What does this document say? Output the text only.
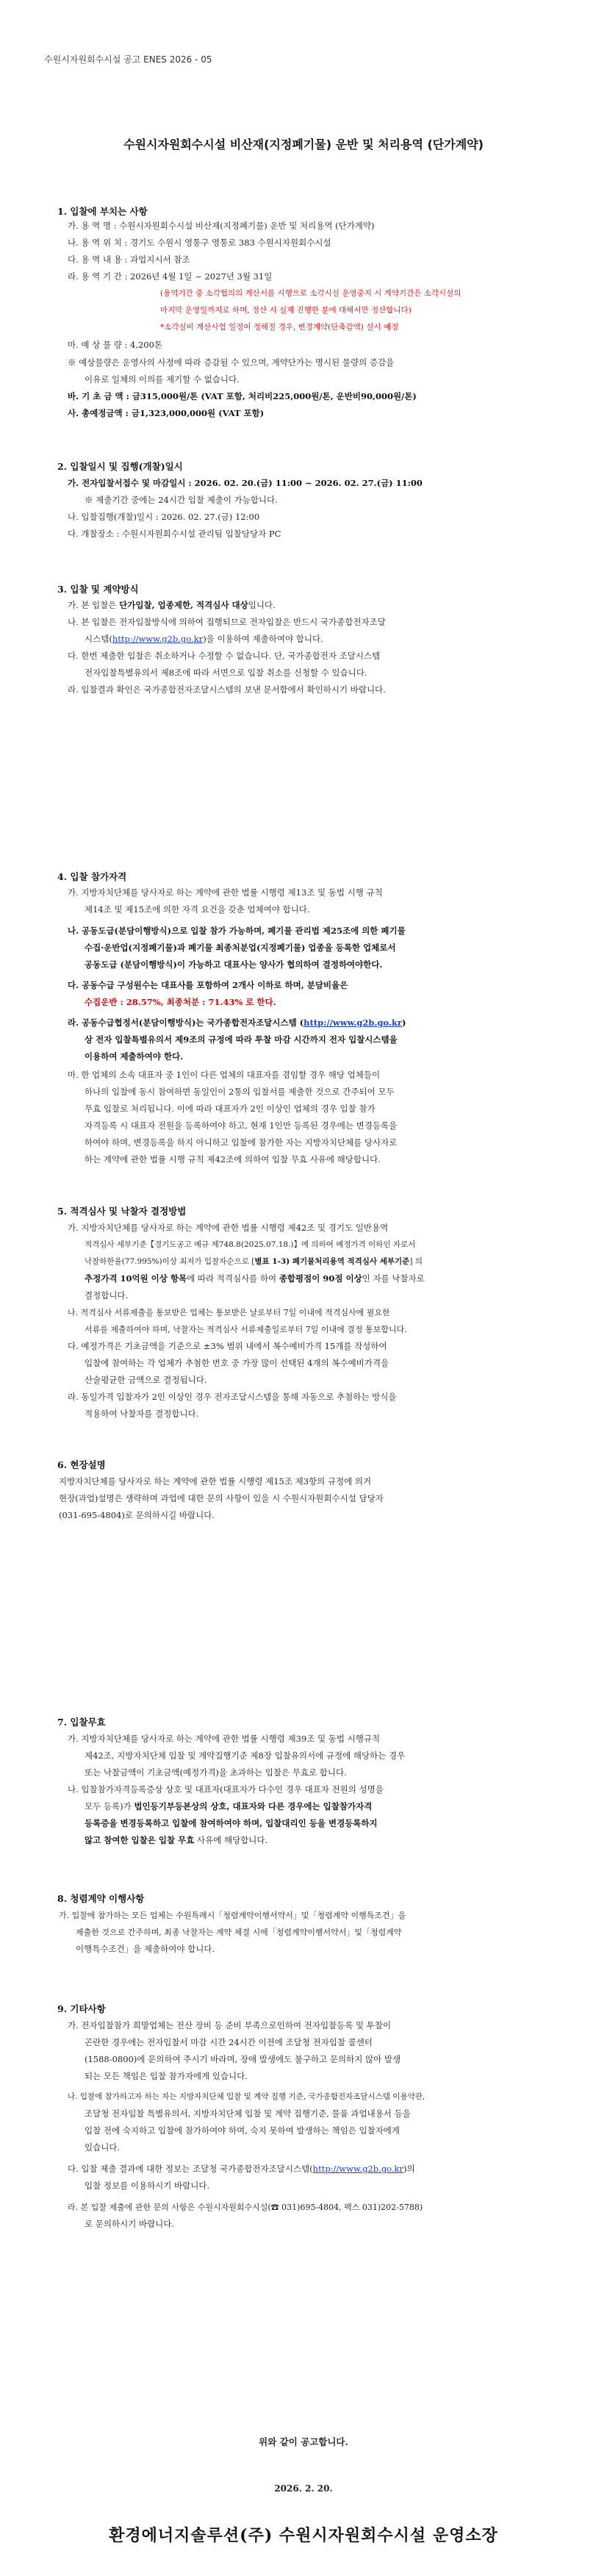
수원시자원회수시설 공고 ENES 2026 - 05
수원시자원회수시설 비산재(지정폐기물) 운반 및 처리용역 (단가계약)
1. 입찰에 부치는 사항
가. 용 역 명 : 수원시자원회수시설 비산재(지정폐기물) 운반 및 처리용역 (단가계약)
나. 용 역 위 치 : 경기도 수원시 영통구 영통로 383 수원시자원회수시설
다. 용 역 내 용 : 과업지시서 참조
라. 용 역 기 간 : 2026년 4월 1일 ~ 2027년 3월 31일
(용역기간 중 소각협의의 계산서를 시행으로 소각시설 운영중지 시 계약기간은 소각시설의
마지막 운영일까지로 하며, 정산 시 실제 진행한 분에 대해서만 정산합니다)
*소각설비 계산사업 일정이 정해질 경우, 변경계약(단축감액) 실시 예정
마. 예 상 물 량 : 4,200톤
※ 예상물량은 운영사의 사정에 따라 증감될 수 있으며, 계약단가는 명시된 물량의 증감을
이유로 일체의 이의를 제기할 수 없습니다.
바. 기 초 금 액 : 금315,000원/톤 (VAT 포함, 처리비225,000원/톤, 운반비90,000원/톤)
사. 총예정금액 : 금1,323,000,000원 (VAT 포함)
2. 입찰일시 및 집행(개찰)일시
가. 전자입찰서접수 및 마감일시 : 2026. 02. 20.(금) 11:00 ~ 2026. 02. 27.(금) 11:00
※ 제출기간 중에는 24시간 입찰 제출이 가능합니다.
나. 입찰집행(개찰)일시 : 2026. 02. 27.(금) 12:00
다. 개찰장소 : 수원시자원회수시설 관리팀 입찰담당자 PC
3. 입찰 및 계약방식
가. 본 입찰은 단가입찰, 업종제한, 적격심사 대상입니다.
나. 본 입찰은 전자입찰방식에 의하여 집행되므로 전자입찰은 반드시 국가종합전자조달
시스템(http://www.g2b.go.kr)을 이용하여 제출하여야 합니다.
다. 한번 제출한 입찰은 취소하거나 수정할 수 없습니다. 단, 국가종합전자 조달시스템
전자입찰특별유의서 제8조에 따라 서면으로 입찰 취소를 신청할 수 있습니다.
라. 입찰결과 확인은 국가종합전자조달시스템의 보낸 문서함에서 확인하시기 바랍니다.
4. 입찰 참가자격
가. 지방자치단체를 당사자로 하는 계약에 관한 법률 시행령 제13조 및 동법 시행 규칙
제14조 및 제15조에 의한 자격 요건을 갖춘 업체여야 합니다.
나. 공동도급(분담이행방식)으로 입찰 참가 가능하며, 폐기물 관리법 제25조에 의한 폐기물
수집·운반업(지정폐기물)과 폐기물 최종처분업(지정폐기물) 업종을 등록한 업체로서
공동도급 (분담이행방식)이 가능하고 대표사는 양사가 협의하여 결정하여야한다.
다. 공동수급 구성원수는 대표사를 포함하여 2개사 이하로 하며, 분담비율은
수집운반 : 28.57%, 최종처분 : 71.43% 로 한다.
라. 공동수급협정서(분담이행방식)는 국가종합전자조달시스템 (http://www.g2b.go.kr)
상 전자 입찰특별유의서 제9조의 규정에 따라 투찰 마감 시간까지 전자 입찰시스템을
이용하여 제출하여야 한다.
마. 한 업체의 소속 대표자 중 1인이 다른 업체의 대표자를 겸임할 경우 해당 업체들이
하나의 입찰에 동시 참여하면 동일인이 2통의 입찰서를 제출한 것으로 간주되어 모두
무효 입찰로 처리됩니다. 이에 따라 대표자가 2인 이상인 업체의 경우 입찰 참가
자격등록 시 대표자 전원을 등록하여야 하고, 현재 1인만 등록된 경우에는 변경등록을
하여야 하며, 변경등록을 하지 아니하고 입찰에 참가한 자는 지방자치단체를 당사자로
하는 계약에 관한 법률 시행 규칙 제42조에 의하여 입찰 무효 사유에 해당합니다.
5. 적격심사 및 낙찰자 결정방법
가. 지방자치단체를 당사자로 하는 계약에 관한 법률 시행령 제42조 및 경기도 일반용역
적격심사 세부기준【경기도공고 예규 제748.8(2025.07.18.)】에 의하여 예정가격 이하인 자로서
낙찰하한율(77.995%)이상 최저가 입찰자순으로 [별표 1-3) 폐기물처리용역 적격심사 세부기준] 의
추정가격 10억원 이상 항목에 따라 적격심사를 하여 종합평점이 90점 이상인 자를 낙찰자로
결정합니다.
나. 적격심사 서류제출을 통보받은 업체는 통보받은 날로부터 7일 이내에 적격심사에 필요한
서류를 제출하여야 하며, 낙찰자는 적격심사 서류제출일로부터 7일 이내에 결정 통보합니다.
다. 예정가격은 기초금액을 기준으로 ±3% 범위 내에서 복수예비가격 15개를 작성하여
입찰에 참여하는 각 업체가 추첨한 번호 중 가장 많이 선택된 4개의 복수예비가격을
산술평균한 금액으로 결정됩니다.
라. 동일가격 입찰자가 2인 이상인 경우 전자조달시스템을 통해 자동으로 추첨하는 방식을
적용하여 낙찰자를 결정합니다.
6. 현장설명
지방자치단체를 당사자로 하는 계약에 관한 법률 시행령 제15조 제3항의 규정에 의거
현장(과업)설명은 생략하며 과업에 대한 문의 사항이 있을 시 수원시자원회수시설 담당자
(031-695-4804)로 문의하시길 바랍니다.
7. 입찰무효
가. 지방자치단체를 당사자로 하는 계약에 관한 법률 시행령 제39조 및 동법 시행규칙
제42조, 지방자치단체 입찰 및 계약집행기준 제8장 입찰유의서에 규정에 해당하는 경우
또는 낙찰금액이 기초금액(예정가격)을 초과하는 입찰은 무효로 합니다.
나. 입찰참가자격등록증상 상호 및 대표자(대표자가 다수인 경우 대표자 전원의 성명을
모두 등록)가 법인등기부등본상의 상호, 대표자와 다른 경우에는 입찰참가자격
등록증을 변경등록하고 입찰에 참여하여야 하며, 입찰대리인 등을 변경등록하지
않고 참여한 입찰은 입찰 무효 사유에 해당합니다.
8. 청렴계약 이행사항
가. 입찰에 참가하는 모든 업체는 수원특례시「청렴계약이행서약서」및「청렴계약 이행특조건」을
제출한 것으로 간주하며, 최종 낙찰자는 계약 체결 시에「청렴계약이행서약서」및「청렴계약
이행특수조건」을 제출하여야 합니다.
9. 기타사항
가. 전자입찰참가 희망업체는 전산 장비 등 준비 부족으로인하여 전자입찰등록 및 투찰이
곤란한 경우에는 전자입찰서 마감 시간 24시간 이전에 조달청 전자입찰 콜센터
(1588-0800)에 문의하여 주시기 바라며, 장애 발생에도 불구하고 문의하지 않아 발생
되는 모든 책임은 입찰 참가자에게 있습니다.
나. 입찰에 참가하고자 하는 자는 지방자치단체 입찰 및 계약 집행 기준, 국가종합전자조달시스템 이용약관,
조달청 전자입찰 특별유의서, 지방자치단체 입찰 및 계약 집행기준, 물품 과업내용서 등을
입찰 전에 숙지하고 입찰에 참가하여야 하며, 숙지 못하여 발생하는 책임은 입찰자에게
있습니다.
다. 입찰 제출 결과에 대한 정보는 조달청 국가종합전자조달시스템(http://www.g2b.go.kr)의
입찰 정보를 이용하시기 바랍니다.
라. 본 입찰 제출에 관한 문의 사항은 수원시자원회수시설(☎ 031)695-4804, 팩스 031)202-5788)
로 문의하시기 바랍니다.
위와 같이 공고합니다.
2026. 2. 20.
환경에너지솔루션(주) 수원시자원회수시설 운영소장
